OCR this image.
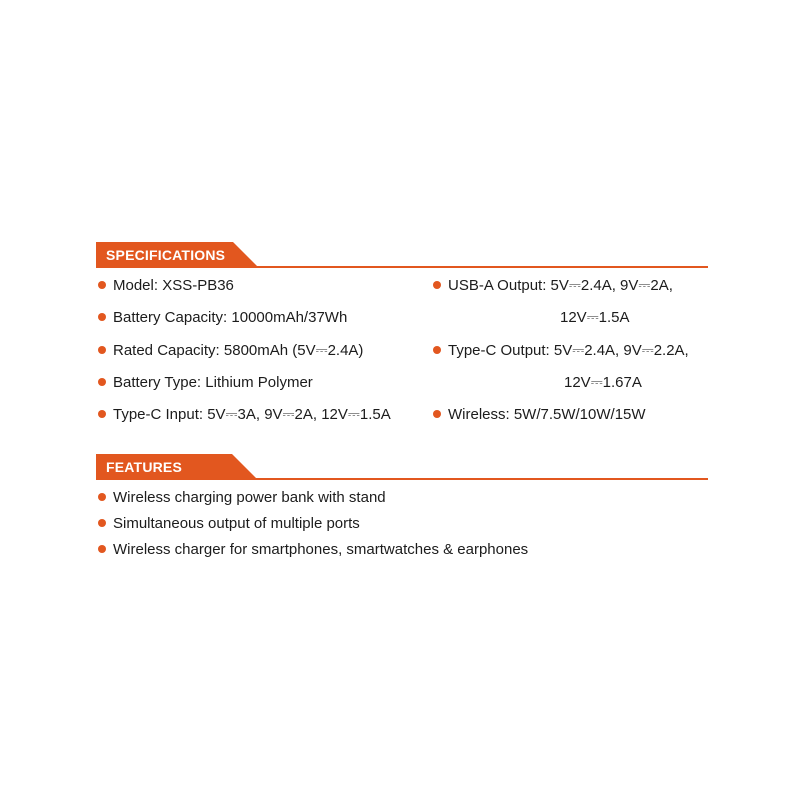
SPECIFICATIONS
Model: XSS-PB36
Battery Capacity: 10000mAh/37Wh
Rated Capacity: 5800mAh (5V⎓2.4A)
Battery Type: Lithium Polymer
Type-C Input: 5V⎓3A, 9V⎓2A, 12V⎓1.5A
USB-A Output: 5V⎓2.4A, 9V⎓2A,
12V⎓1.5A
Type-C Output: 5V⎓2.4A, 9V⎓2.2A,
12V⎓1.67A
Wireless: 5W/7.5W/10W/15W
FEATURES
Wireless charging power bank with stand
Simultaneous output of multiple ports
Wireless charger for smartphones, smartwatches & earphones
